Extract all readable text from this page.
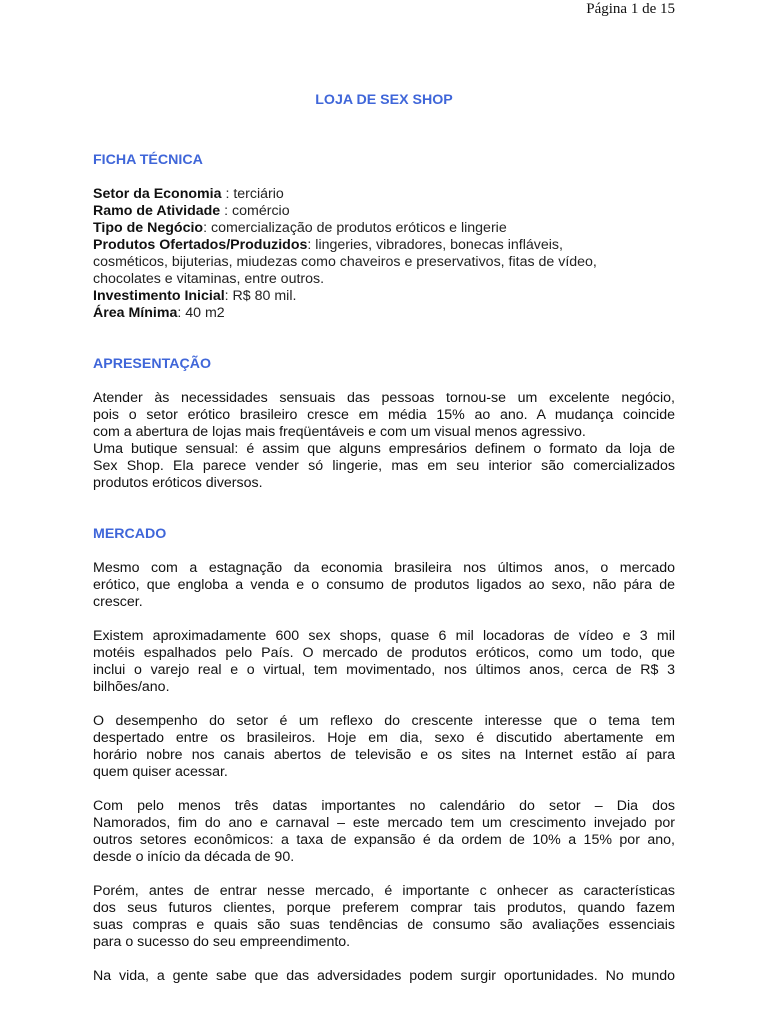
Página 1 de 15
LOJA DE SEX SHOP
FICHA TÉCNICA

Setor da Economia : terciário

Ramo de Atividade : comércio

Tipo de Negócio: comercialização de produtos eróticos e lingerie

Produtos Ofertados/Produzidos: lingeries, vibradores, bonecas infláveis,
cosméticos, bijuterias, miudezas como chaveiros e preservativos, fitas de vídeo,
chocolates e vitaminas, entre outros.

Investimento Inicial: R$ 80 mil.

Área Mínima: 40 m2

APRESENTAÇÃO
Atender às necessidades sensuais das pessoas tornou-se um excelente negócio,
pois o setor erótico brasileiro cresce em média 15% ao ano. A mudança coincide
com a abertura de lojas mais freqüentáveis e com um visual menos agressivo.
Uma butique sensual: é assim que alguns empresários definem o formato da loja de
Sex Shop. Ela parece vender só lingerie, mas em seu interior são comercializados
produtos eróticos diversos.
MERCADO
Mesmo com a estagnação da economia brasileira nos últimos anos, o mercado
erótico, que engloba a venda e o consumo de produtos ligados ao sexo, não pára de
crescer.
Existem aproximadamente 600 sex shops, quase 6 mil locadoras de vídeo e 3 mil
motéis espalhados pelo País. O mercado de produtos eróticos, como um todo, que
inclui o varejo real e o virtual, tem movimentado, nos últimos anos, cerca de R$ 3
bilhões/ano.
O desempenho do setor é um reflexo do crescente interesse que o tema tem
despertado entre os brasileiros. Hoje em dia, sexo é discutido abertamente em
horário nobre nos canais abertos de televisão e os sites na Internet estão aí para
quem quiser acessar.
Com pelo menos três datas importantes no calendário do setor – Dia dos
Namorados, fim do ano e carnaval – este mercado tem um crescimento invejado por
outros setores econômicos: a taxa de expansão é da ordem de 10% a 15% por ano,
desde o início da década de 90.
Porém, antes de entrar nesse mercado, é importante c onhecer as características
dos seus futuros clientes, porque preferem comprar tais produtos, quando fazem
suas compras e quais são suas tendências de consumo são avaliações essenciais
para o sucesso do seu empreendimento.
Na vida, a gente sabe que das adversidades podem surgir oportunidades. No mundo
